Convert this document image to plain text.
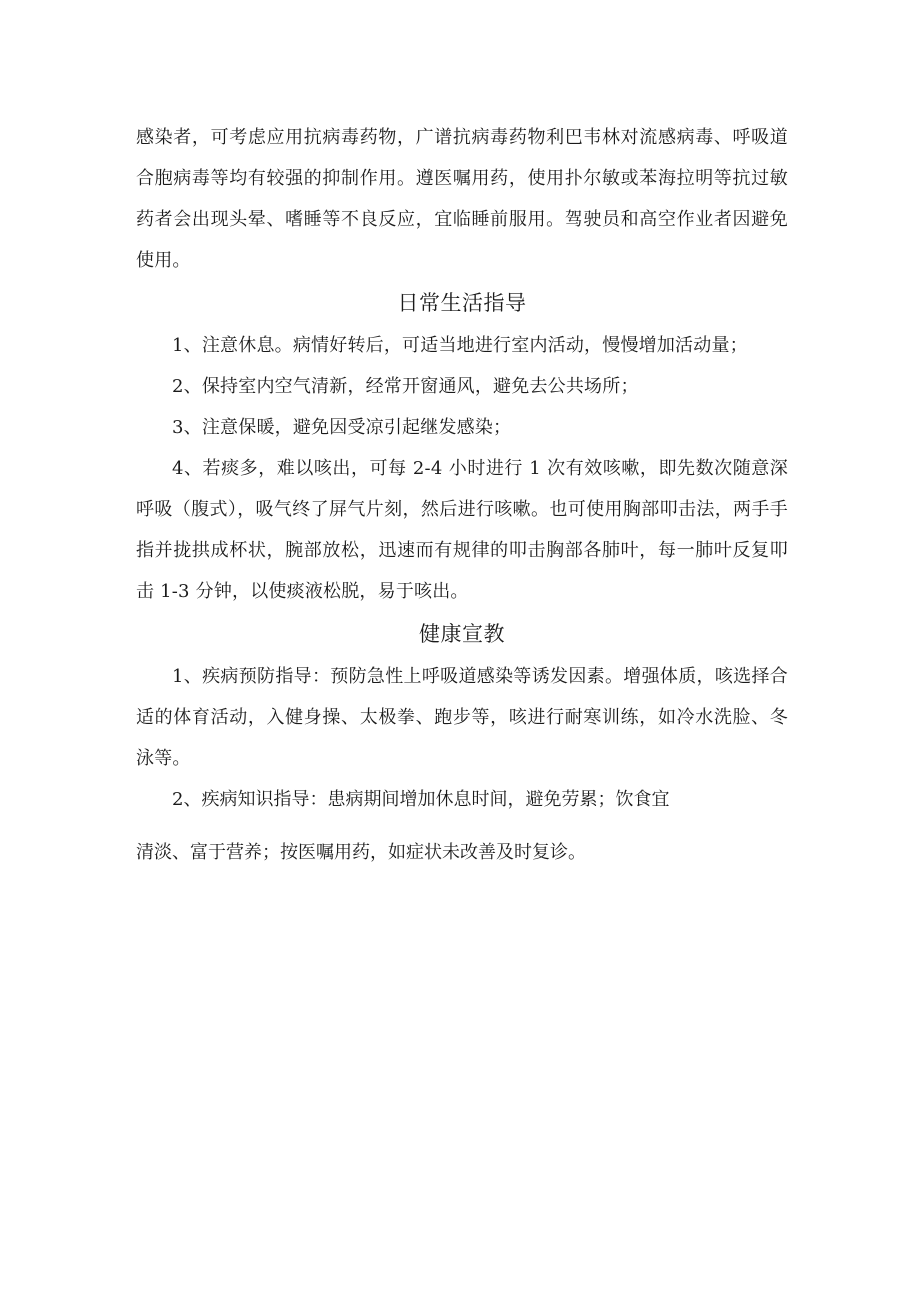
感染者，可考虑应用抗病毒药物，广谱抗病毒药物利巴韦林对流感病毒、呼吸道合胞病毒等均有较强的抑制作用。遵医嘱用药，使用扑尔敏或苯海拉明等抗过敏药者会出现头晕、嗜睡等不良反应，宜临睡前服用。驾驶员和高空作业者因避免使用。

日常生活指导

1、注意休息。病情好转后，可适当地进行室内活动，慢慢增加活动量；

2、保持室内空气清新，经常开窗通风，避免去公共场所；

3、注意保暖，避免因受凉引起继发感染；

4、若痰多，难以咳出，可每 2-4 小时进行 1 次有效咳嗽，即先数次随意深呼吸（腹式），吸气终了屏气片刻，然后进行咳嗽。也可使用胸部叩击法，两手手指并拢拱成杯状，腕部放松，迅速而有规律的叩击胸部各肺叶，每一肺叶反复叩击 1-3 分钟，以使痰液松脱，易于咳出。

健康宣教

1、疾病预防指导：预防急性上呼吸道感染等诱发因素。增强体质，咳选择合适的体育活动，入健身操、太极拳、跑步等，咳进行耐寒训练，如冷水洗脸、冬泳等。

2、疾病知识指导：患病期间增加休息时间，避免劳累；饮食宜

清淡、富于营养；按医嘱用药，如症状未改善及时复诊。
